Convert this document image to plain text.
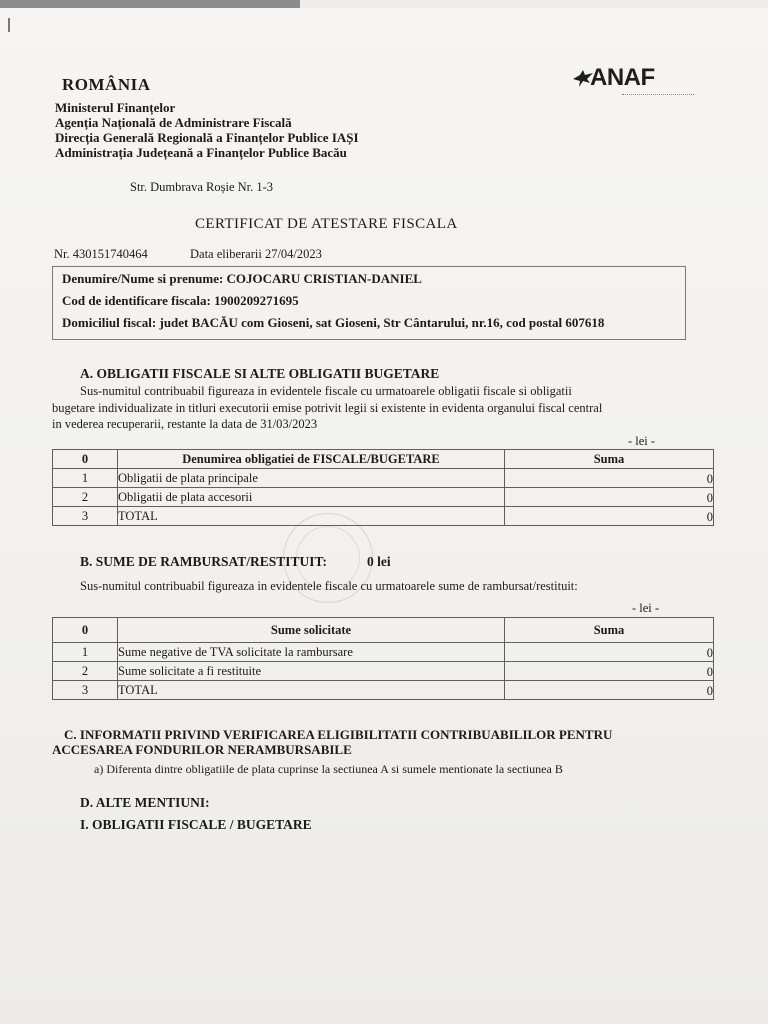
ROMÂNIA
Ministerul Finanțelor
Agenția Națională de Administrare Fiscală
Direcția Generală Regională a Finanțelor Publice IAȘI
Administrația Județeană a Finanțelor Publice Bacău
ANAF
Str. Dumbrava Roșie Nr. 1-3
CERTIFICAT DE ATESTARE FISCALA
Nr. 430151740464	Data eliberarii 27/04/2023
Denumire/Nume si prenume: COJOCARU CRISTIAN-DANIEL
Cod de identificare fiscala: 1900209271695
Domiciliul fiscal: judet BACĂU com Gioseni, sat Gioseni, Str Cântarului, nr.16, cod postal 607618
A. OBLIGATII FISCALE SI ALTE OBLIGATII BUGETARE
Sus-numitul contribuabil figureaza in evidentele fiscale cu urmatoarele obligatii fiscale si obligatii
bugetare individualizate in titluri executorii emise potrivit legii si existente in evidenta organului fiscal central
in vederea recuperarii, restante la data de 31/03/2023
- lei -
0	Denumirea obligatiei de FISCALE/BUGETARE	Suma
1	Obligatii de plata principale	0
2	Obligatii de plata accesorii	0
3	TOTAL	0
B. SUME DE RAMBURSAT/RESTITUIT:	0 lei
Sus-numitul contribuabil figureaza in evidentele fiscale cu urmatoarele sume de rambursat/restituit:
- lei -
0	Sume solicitate	Suma
1	Sume negative de TVA solicitate la rambursare	0
2	Sume solicitate a fi restituite	0
3	TOTAL	0
C. INFORMATII PRIVIND VERIFICAREA ELIGIBILITATII CONTRIBUABILILOR PENTRU
ACCESAREA FONDURILOR NERAMBURSABILE
a) Diferenta dintre obligatiile de plata cuprinse la sectiunea A si sumele mentionate la sectiunea B
D. ALTE MENTIUNI:
I. OBLIGATII FISCALE / BUGETARE
